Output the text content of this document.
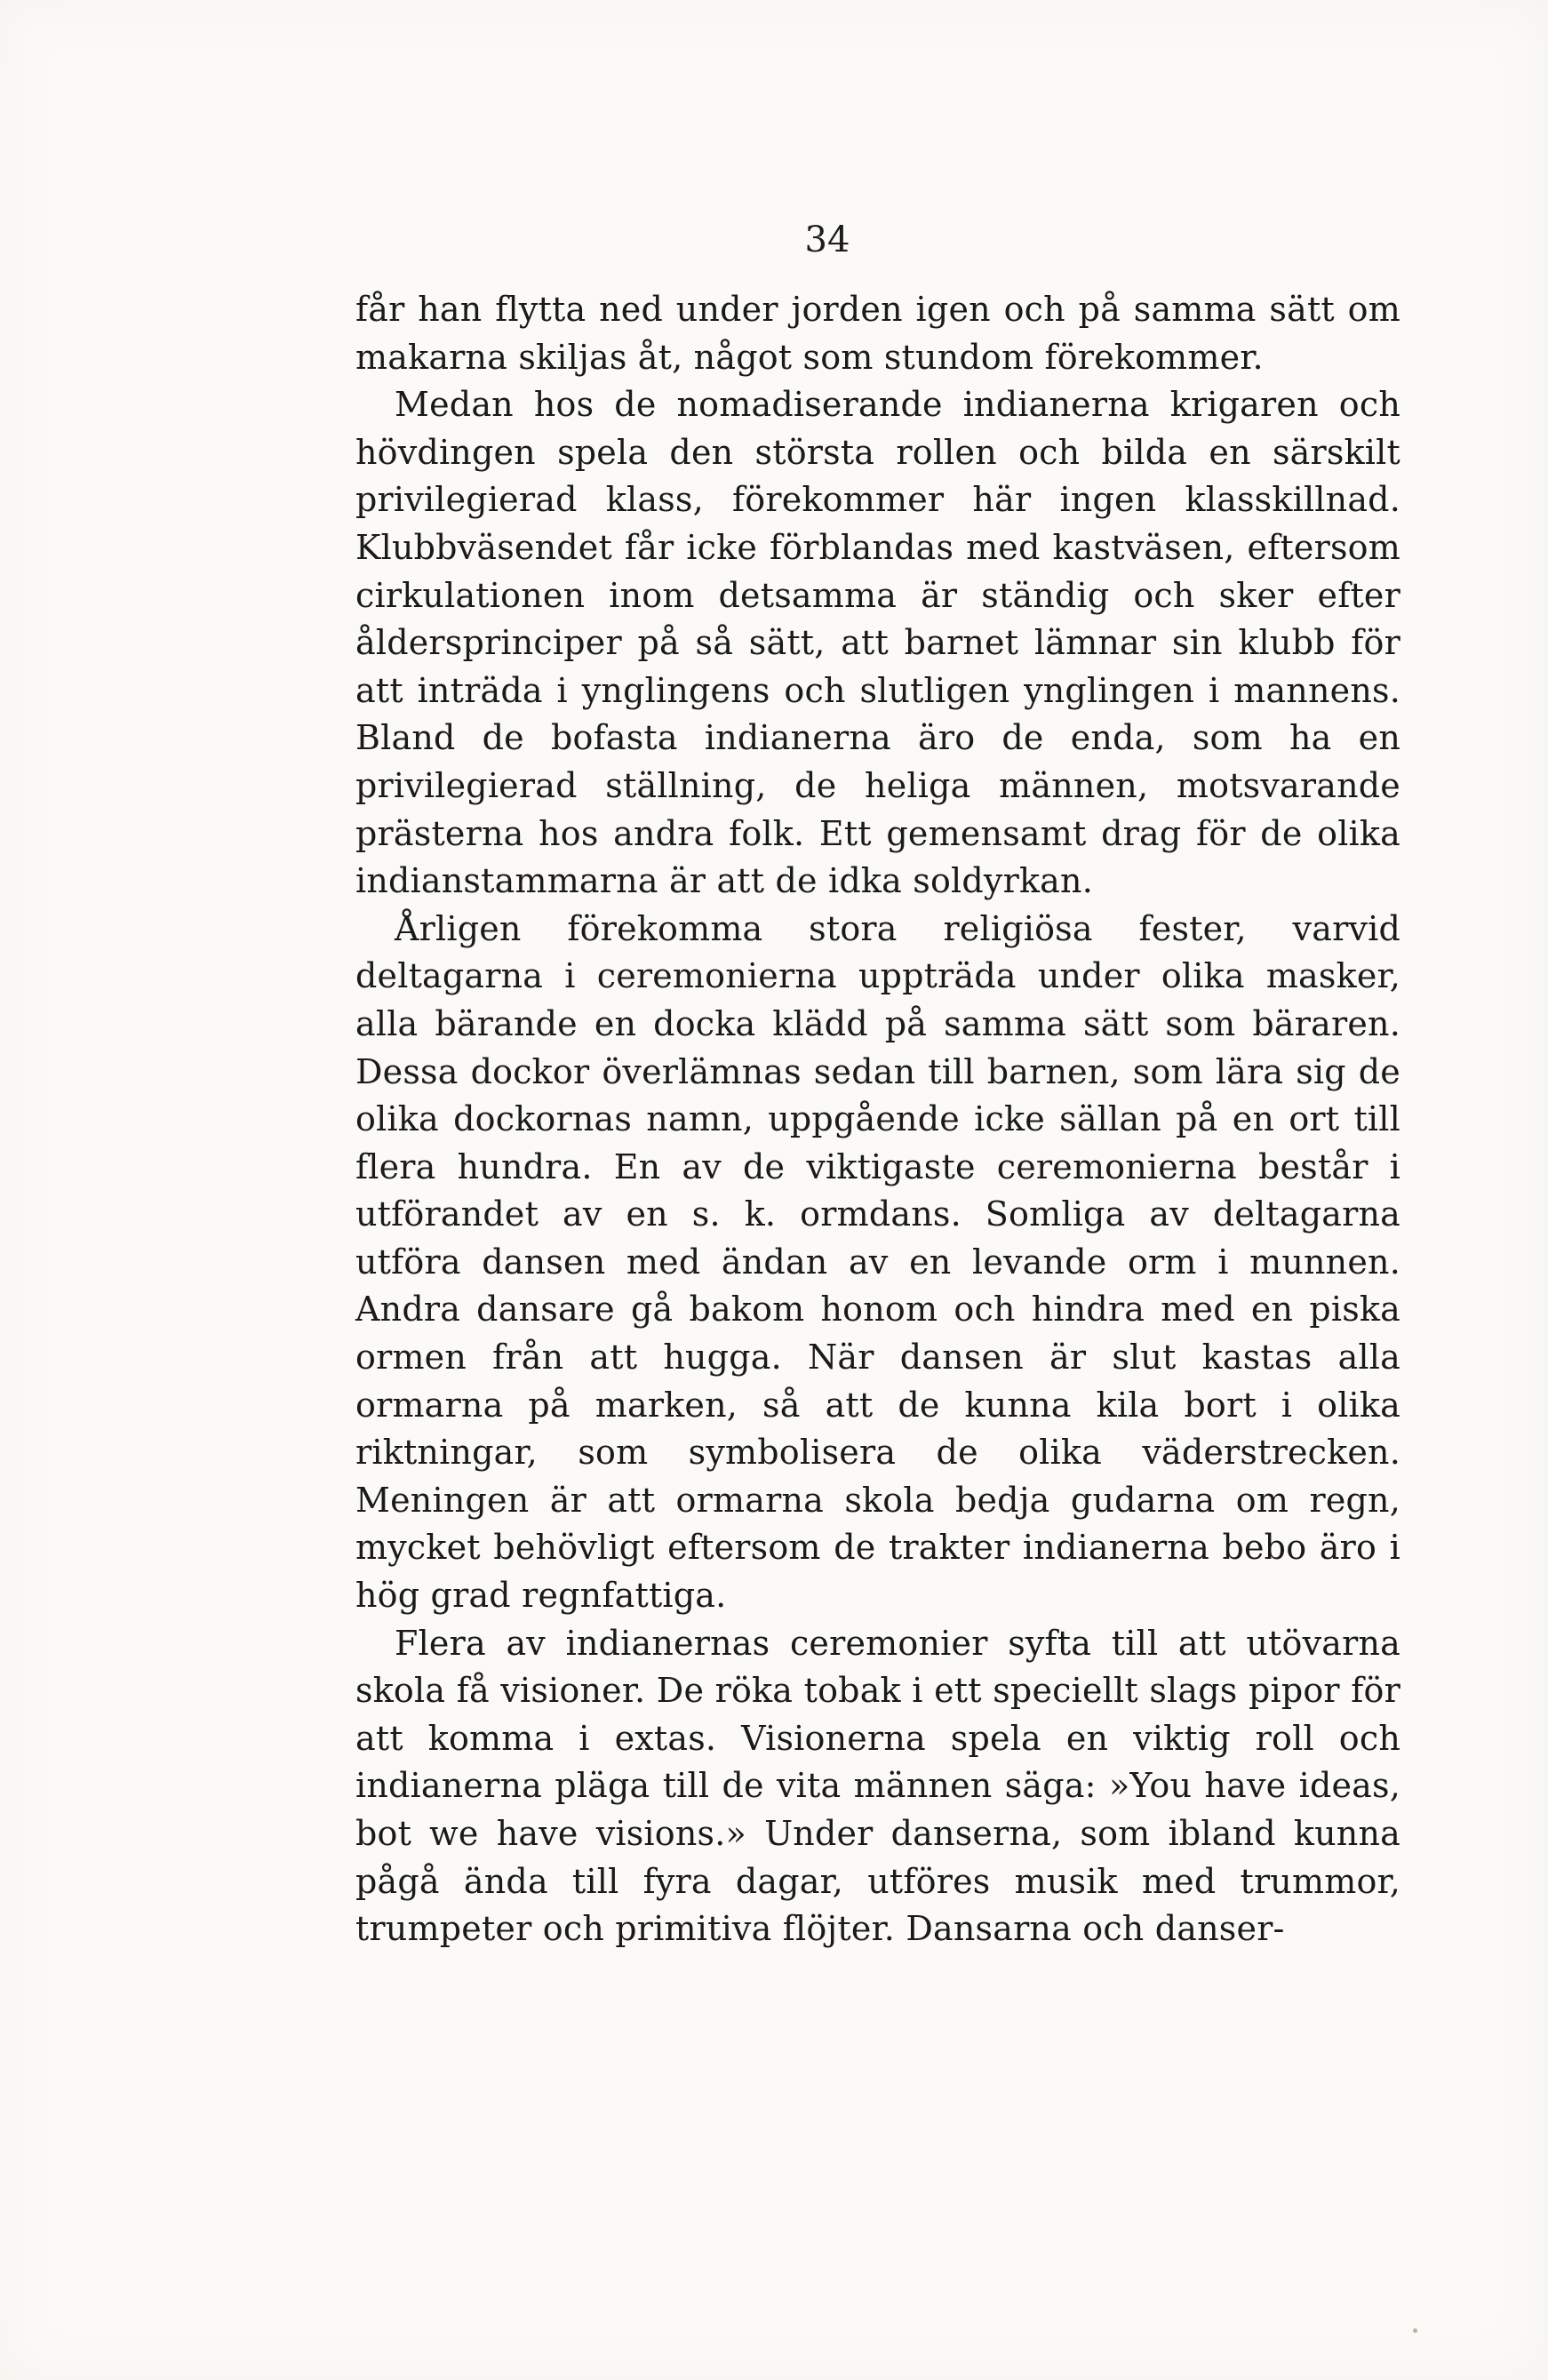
34

får han flytta ned under jorden igen och på samma sätt om makarna skiljas åt, något som stundom förekommer.

Medan hos de nomadiserande indianerna krigaren och hövdingen spela den största rollen och bilda en särskilt privilegierad klass, förekommer här ingen klasskillnad. Klubbväsendet får icke förblandas med kastväsen, eftersom cirkulationen inom detsamma är ständig och sker efter åldersprinciper på så sätt, att barnet lämnar sin klubb för att inträda i ynglingens och slutligen ynglingen i mannens. Bland de bofasta indianerna äro de enda, som ha en privilegierad ställning, de heliga männen, motsvarande prästerna hos andra folk. Ett gemensamt drag för de olika indianstammarna är att de idka soldyrkan.

Årligen förekomma stora religiösa fester, varvid deltagarna i ceremonierna uppträda under olika masker, alla bärande en docka klädd på samma sätt som bäraren. Dessa dockor överlämnas sedan till barnen, som lära sig de olika dockornas namn, uppgående icke sällan på en ort till flera hundra. En av de viktigaste ceremonierna består i utförandet av en s. k. ormdans. Somliga av deltagarna utföra dansen med ändan av en levande orm i munnen. Andra dansare gå bakom honom och hindra med en piska ormen från att hugga. När dansen är slut kastas alla ormarna på marken, så att de kunna kila bort i olika riktningar, som symbolisera de olika väderstrecken. Meningen är att ormarna skola bedja gudarna om regn, mycket behövligt eftersom de trakter indianerna bebo äro i hög grad regnfattiga.

Flera av indianernas ceremonier syfta till att utövarna skola få visioner. De röka tobak i ett speciellt slags pipor för att komma i extas. Visionerna spela en viktig roll och indianerna pläga till de vita männen säga: »You have ideas, bot we have visions.» Under danserna, som ibland kunna pågå ända till fyra dagar, utföres musik med trummor, trumpeter och primitiva flöjter. Dansarna och danser-
